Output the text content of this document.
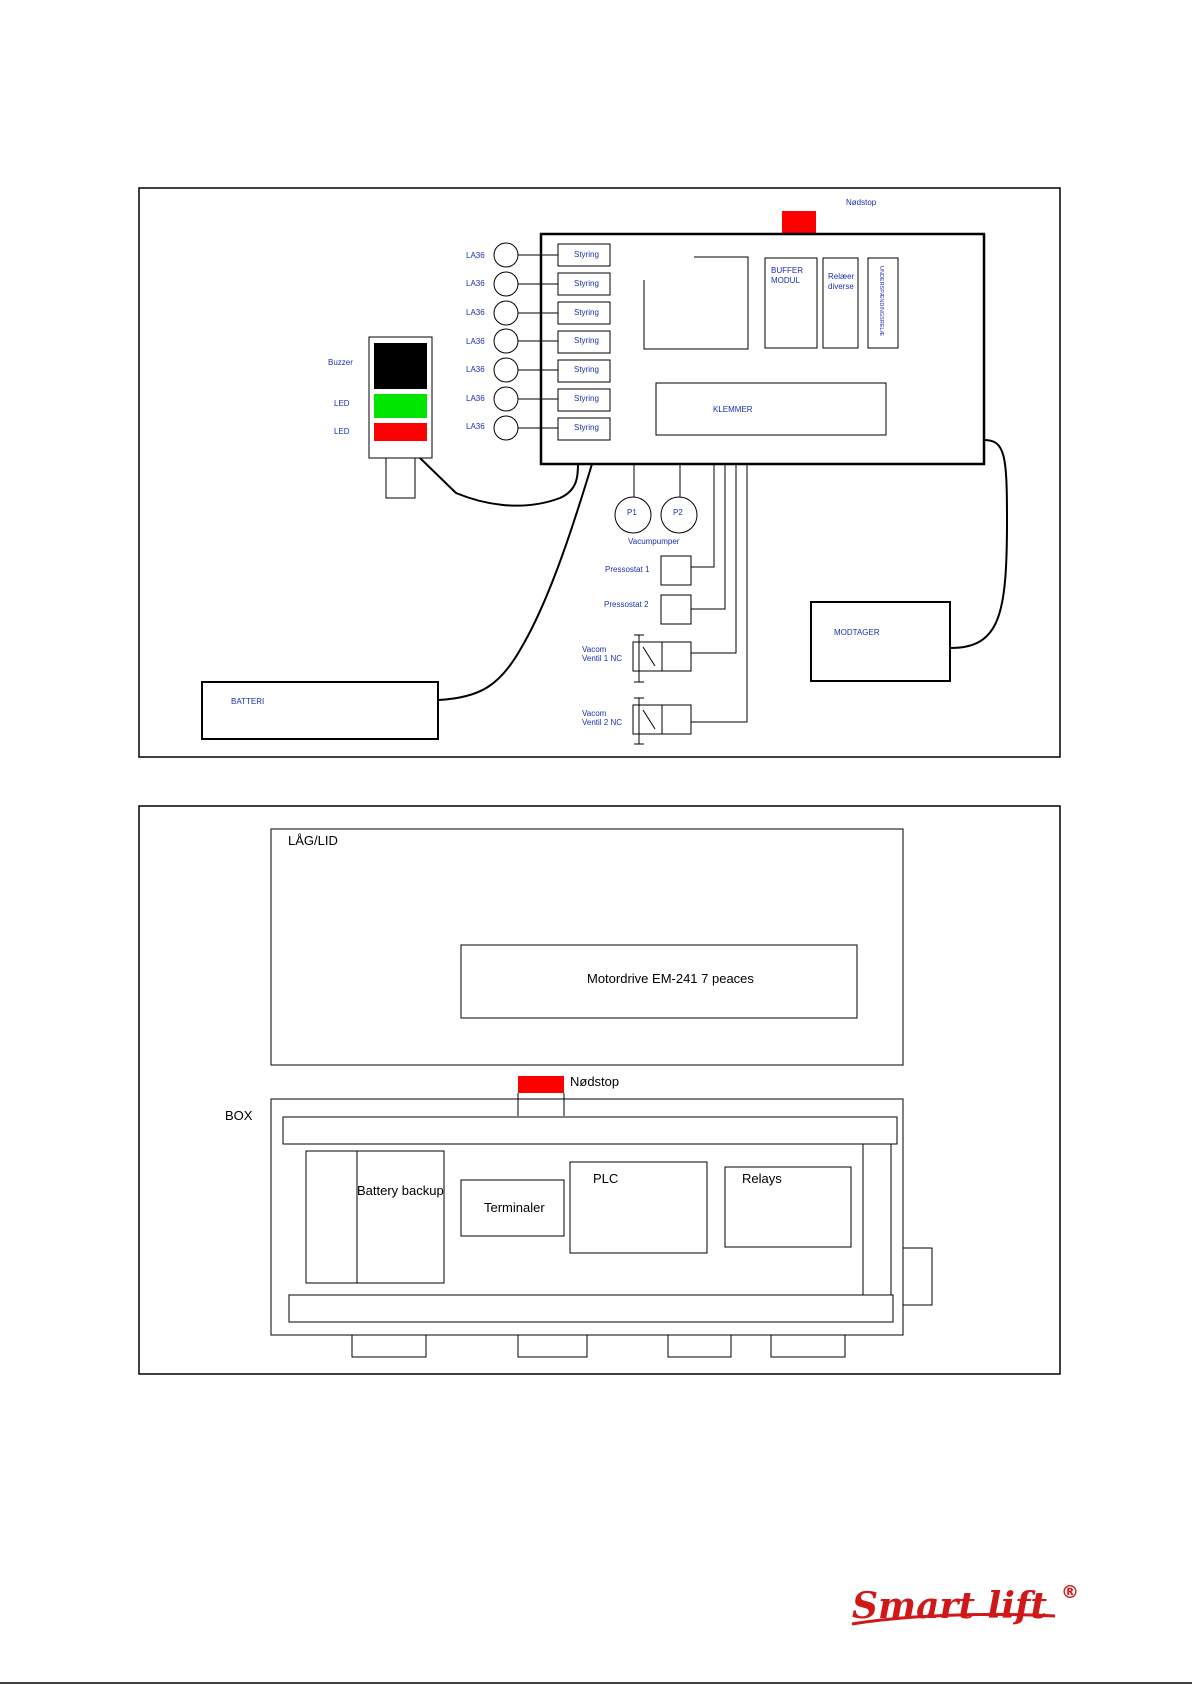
Nødstop
BUFFER MODUL	Relæer diverse	UNDERSPÆNDINGSRELÆ
KLEMMER
LA36	Styring
LA36	Styring
LA36	Styring
LA36	Styring
LA36	Styring
LA36	Styring
LA36	Styring
Buzzer
LED
LED
BATTERI
MODTAGER
P1	P2
Vacumpumper
Pressostat 1
Pressostat 2
Vacom Ventil 1 NC
Vacom Ventil 2 NC
LÅG/LID
Motordrive EM-241 7 peaces
Nødstop
BOX
Battery backup
Terminaler
PLC	Relays
Smart lift ®
